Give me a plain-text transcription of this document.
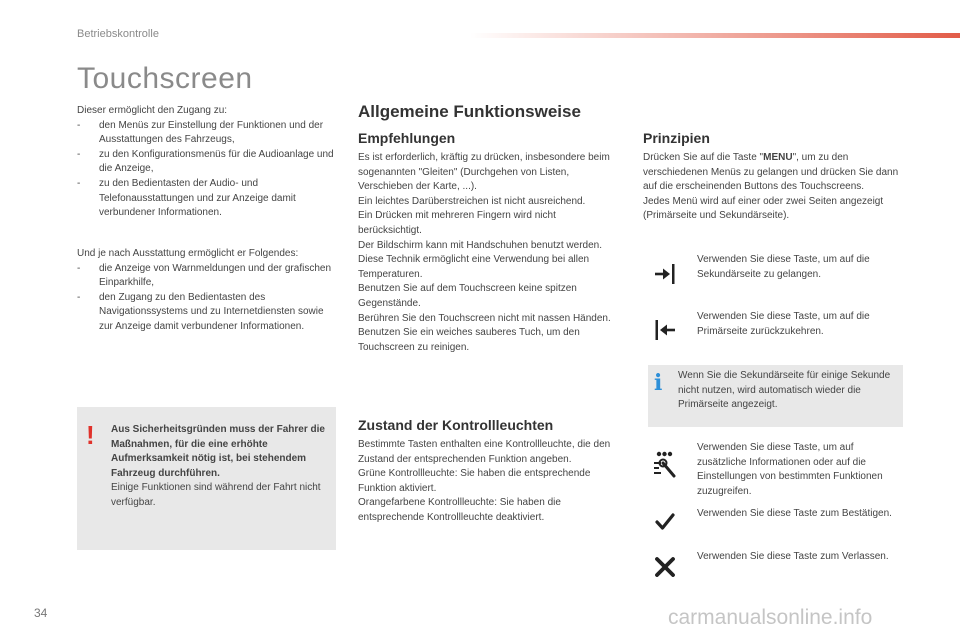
Betriebskontrolle
Touchscreen

Dieser ermöglicht den Zugang zu:

- den Menüs zur Einstellung der Funktionen und der Ausstattungen des Fahrzeugs,
- zu den Konfigurationsmenüs für die Audioanlage und die Anzeige,
- zu den Bedientasten der Audio- und Telefonausstattungen und zur Anzeige damit verbundener Informationen.

Und je nach Ausstattung ermöglicht er Folgendes:

- die Anzeige von Warnmeldungen und der grafischen Einparkhilfe,
- den Zugang zu den Bedientasten des Navigationssystems und zu Internetdiensten sowie zur Anzeige damit verbundener Informationen.
! Aus Sicherheitsgründen muss der Fahrer die Maßnahmen, für die eine erhöhte Aufmerksamkeit nötig ist, bei stehendem Fahrzeug durchführen.

Einige Funktionen sind während der Fahrt nicht verfügbar.

Allgemeine Funktionsweise
Empfehlungen

Es ist erforderlich, kräftig zu drücken, insbesondere beim sogenannten "Gleiten" (Durchgehen von Listen, Verschieben der Karte, ...).

Ein leichtes Darüberstreichen ist nicht ausreichend.

Ein Drücken mit mehreren Fingern wird nicht berücksichtigt.

Der Bildschirm kann mit Handschuhen benutzt werden. Diese Technik ermöglicht eine Verwendung bei allen Temperaturen.

Benutzen Sie auf dem Touchscreen keine spitzen Gegenstände.

Berühren Sie den Touchscreen nicht mit nassen Händen.

Benutzen Sie ein weiches sauberes Tuch, um den Touchscreen zu reinigen.

Zustand der Kontrollleuchten

Bestimmte Tasten enthalten eine Kontrollleuchte, die den Zustand der entsprechenden Funktion angeben.

Grüne Kontrollleuchte: Sie haben die entsprechende Funktion aktiviert.

Orangefarbene Kontrollleuchte: Sie haben die entsprechende Kontrollleuchte deaktiviert.

Prinzipien

Drücken Sie auf die Taste "MENU", um zu den verschiedenen Menüs zu gelangen und drücken Sie dann auf die erscheinenden Buttons des Touchscreens.

Jedes Menü wird auf einer oder zwei Seiten angezeigt (Primärseite und Sekundärseite).

Verwenden Sie diese Taste, um auf die Sekundärseite zu gelangen.
Verwenden Sie diese Taste, um auf die Primärseite zurückzukehren.
i Wenn Sie die Sekundärseite für einige Sekunde nicht nutzen, wird automatisch wieder die Primärseite angezeigt.
Verwenden Sie diese Taste, um auf zusätzliche Informationen oder auf die Einstellungen von bestimmten Funktionen zuzugreifen.
Verwenden Sie diese Taste zum Bestätigen.
Verwenden Sie diese Taste zum Verlassen.
34	carmanualsonline.info
